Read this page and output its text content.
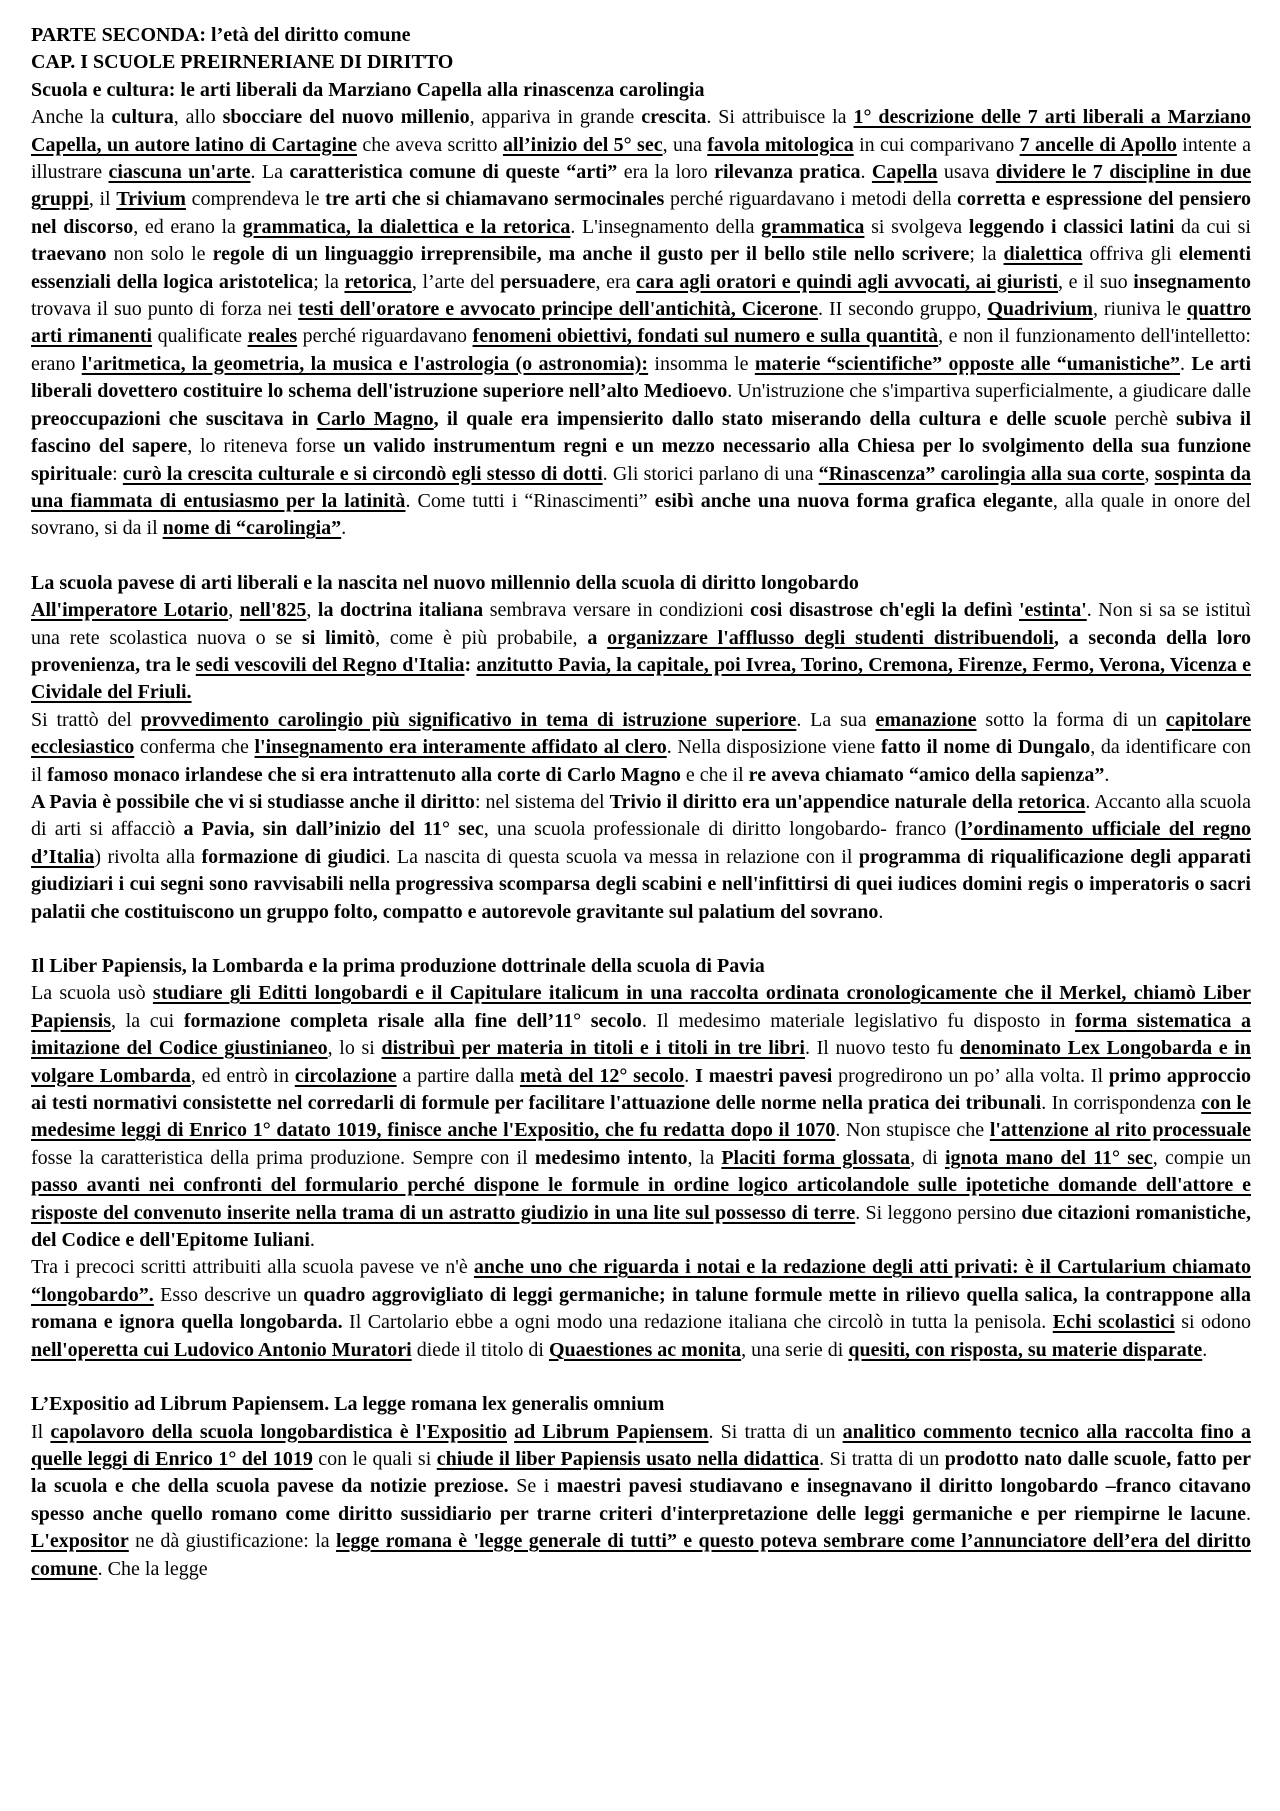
PARTE SECONDA: l’età del diritto comune
CAP. I SCUOLE PREIRNERIANE DI DIRITTO
Scuola e cultura: le arti liberali da Marziano Capella alla rinascenza carolingia

Anche la cultura, allo sbocciare del nuovo millenio, appariva in grande crescita. Si attribuisce la 1° descrizione delle 7 arti liberali a Marziano Capella, un autore latino di Cartagine che aveva scritto all’inizio del 5° sec, una favola mitologica in cui comparivano 7 ancelle di Apollo intente a illustrare ciascuna un'arte. La caratteristica comune di queste “arti” era la loro rilevanza pratica. Capella usava dividere le 7 discipline in due gruppi, il Trivium comprendeva le tre arti che si chiamavano sermocinales perché riguardavano i metodi della corretta e espressione del pensiero nel discorso, ed erano la grammatica, la dialettica e la retorica. L'insegnamento della grammatica si svolgeva leggendo i classici latini da cui si traevano non solo le regole di un linguaggio irreprensibile, ma anche il gusto per il bello stile nello scrivere; la dialettica offriva gli elementi essenziali della logica aristotelica; la retorica, l’arte del persuadere, era cara agli oratori e quindi agli avvocati, ai giuristi, e il suo insegnamento trovava il suo punto di forza nei testi dell'oratore e avvocato principe dell'antichità, Cicerone. II secondo gruppo, Quadrivium, riuniva le quattro arti rimanenti qualificate reales perché riguardavano fenomeni obiettivi, fondati sul numero e sulla quantità, e non il funzionamento dell'intelletto: erano l'aritmetica, la geometria, la musica e l'astrologia (o astronomia): insomma le materie “scientifiche” opposte alle “umanistiche”. Le arti liberali dovettero costituire lo schema dell'istruzione superiore nell’alto Medioevo. Un'istruzione che s'impartiva superficialmente, a giudicare dalle preoccupazioni che suscitava in Carlo Magno, il quale era impensierito dallo stato miserando della cultura e delle scuole perchè subiva il fascino del sapere, lo riteneva forse un valido instrumentum regni e un mezzo necessario alla Chiesa per lo svolgimento della sua funzione spirituale: curò la crescita culturale e si circondò egli stesso di dotti. Gli storici parlano di una “Rinascenza” carolingia alla sua corte, sospinta da una fiammata di entusiasmo per la latinità. Come tutti i “Rinascimenti” esibì anche una nuova forma grafica elegante, alla quale in onore del sovrano, si da il nome di “carolingia”.

La scuola pavese di arti liberali e la nascita nel nuovo millennio della scuola di diritto longobardo

All'imperatore Lotario, nell'825, la doctrina italiana sembrava versare in condizioni cosi disastrose ch'egli la definì 'estinta'. Non si sa se istituì una rete scolastica nuova o se si limitò, come è più probabile, a organizzare l'afflusso degli studenti distribuendoli, a seconda della loro provenienza, tra le sedi vescovili del Regno d'Italia: anzitutto Pavia, la capitale, poi Ivrea, Torino, Cremona, Firenze, Fermo, Verona, Vicenza e Cividale del Friuli.

Si trattò del provvedimento carolingio più significativo in tema di istruzione superiore. La sua emanazione sotto la forma di un capitolare ecclesiastico conferma che l'insegnamento era interamente affidato al clero. Nella disposizione viene fatto il nome di Dungalo, da identificare con il famoso monaco irlandese che si era intrattenuto alla corte di Carlo Magno e che il re aveva chiamato “amico della sapienza”.

A Pavia è possibile che vi si studiasse anche il diritto: nel sistema del Trivio il diritto era un'appendice naturale della retorica. Accanto alla scuola di arti si affacciò a Pavia, sin dall’inizio del 11° sec, una scuola professionale di diritto longobardo- franco (l’ordinamento ufficiale del regno d’Italia) rivolta alla formazione di giudici. La nascita di questa scuola va messa in relazione con il programma di riqualificazione degli apparati giudiziari i cui segni sono ravvisabili nella progressiva scomparsa degli scabini e nell'infittirsi di quei iudices domini regis o imperatoris o sacri palatii che costituiscono un gruppo folto, compatto e autorevole gravitante sul palatium del sovrano.

Il Liber Papiensis, la Lombarda e la prima produzione dottrinale della scuola di Pavia

La scuola usò studiare gli Editti longobardi e il Capitulare italicum in una raccolta ordinata cronologicamente che il Merkel, chiamò Liber Papiensis, la cui formazione completa risale alla fine dell’11° secolo. Il medesimo materiale legislativo fu disposto in forma sistematica a imitazione del Codice giustinianeo, lo si distribuì per materia in titoli e i titoli in tre libri. Il nuovo testo fu denominato Lex Longobarda e in volgare Lombarda, ed entrò in circolazione a partire dalla metà del 12° secolo. I maestri pavesi progredirono un po’ alla volta. Il primo approccio ai testi normativi consistette nel corredarli di formule per facilitare l'attuazione delle norme nella pratica dei tribunali. In corrispondenza con le medesime leggi di Enrico 1° datato 1019, finisce anche l'Expositio, che fu redatta dopo il 1070. Non stupisce che l'attenzione al rito processuale fosse la caratteristica della prima produzione. Sempre con il medesimo intento, la Placiti forma glossata, di ignota mano del 11° sec, compie un passo avanti nei confronti del formulario perché dispone le formule in ordine logico articolandole sulle ipotetiche domande dell'attore e risposte del convenuto inserite nella trama di un astratto giudizio in una lite sul possesso di terre. Si leggono persino due citazioni romanistiche, del Codice e dell'Epitome Iuliani.

Tra i precoci scritti attribuiti alla scuola pavese ve n'è anche uno che riguarda i notai e la redazione degli atti privati: è il Cartularium chiamato “longobardo”. Esso descrive un quadro aggrovigliato di leggi germaniche; in talune formule mette in rilievo quella salica, la contrappone alla romana e ignora quella longobarda. Il Cartolario ebbe a ogni modo una redazione italiana che circolò in tutta la penisola. Echi scolastici si odono nell'operetta cui Ludovico Antonio Muratori diede il titolo di Quaestiones ac monita, una serie di quesiti, con risposta, su materie disparate.

L’Expositio ad Librum Papiensem. La legge romana lex generalis omnium

Il capolavoro della scuola longobardistica è l'Expositio ad Librum Papiensem. Si tratta di un analitico commento tecnico alla raccolta fino a quelle leggi di Enrico 1° del 1019 con le quali si chiude il liber Papiensis usato nella didattica. Si tratta di un prodotto nato dalle scuole, fatto per la scuola e che della scuola pavese da notizie preziose. Se i maestri pavesi studiavano e insegnavano il diritto longobardo –franco citavano spesso anche quello romano come diritto sussidiario per trarne criteri d'interpretazione delle leggi germaniche e per riempirne le lacune. L'expositor ne dà giustificazione: la legge romana è 'legge generale di tutti” e questo poteva sembrare come l’annunciatore dell’era del diritto comune. Che la legge
